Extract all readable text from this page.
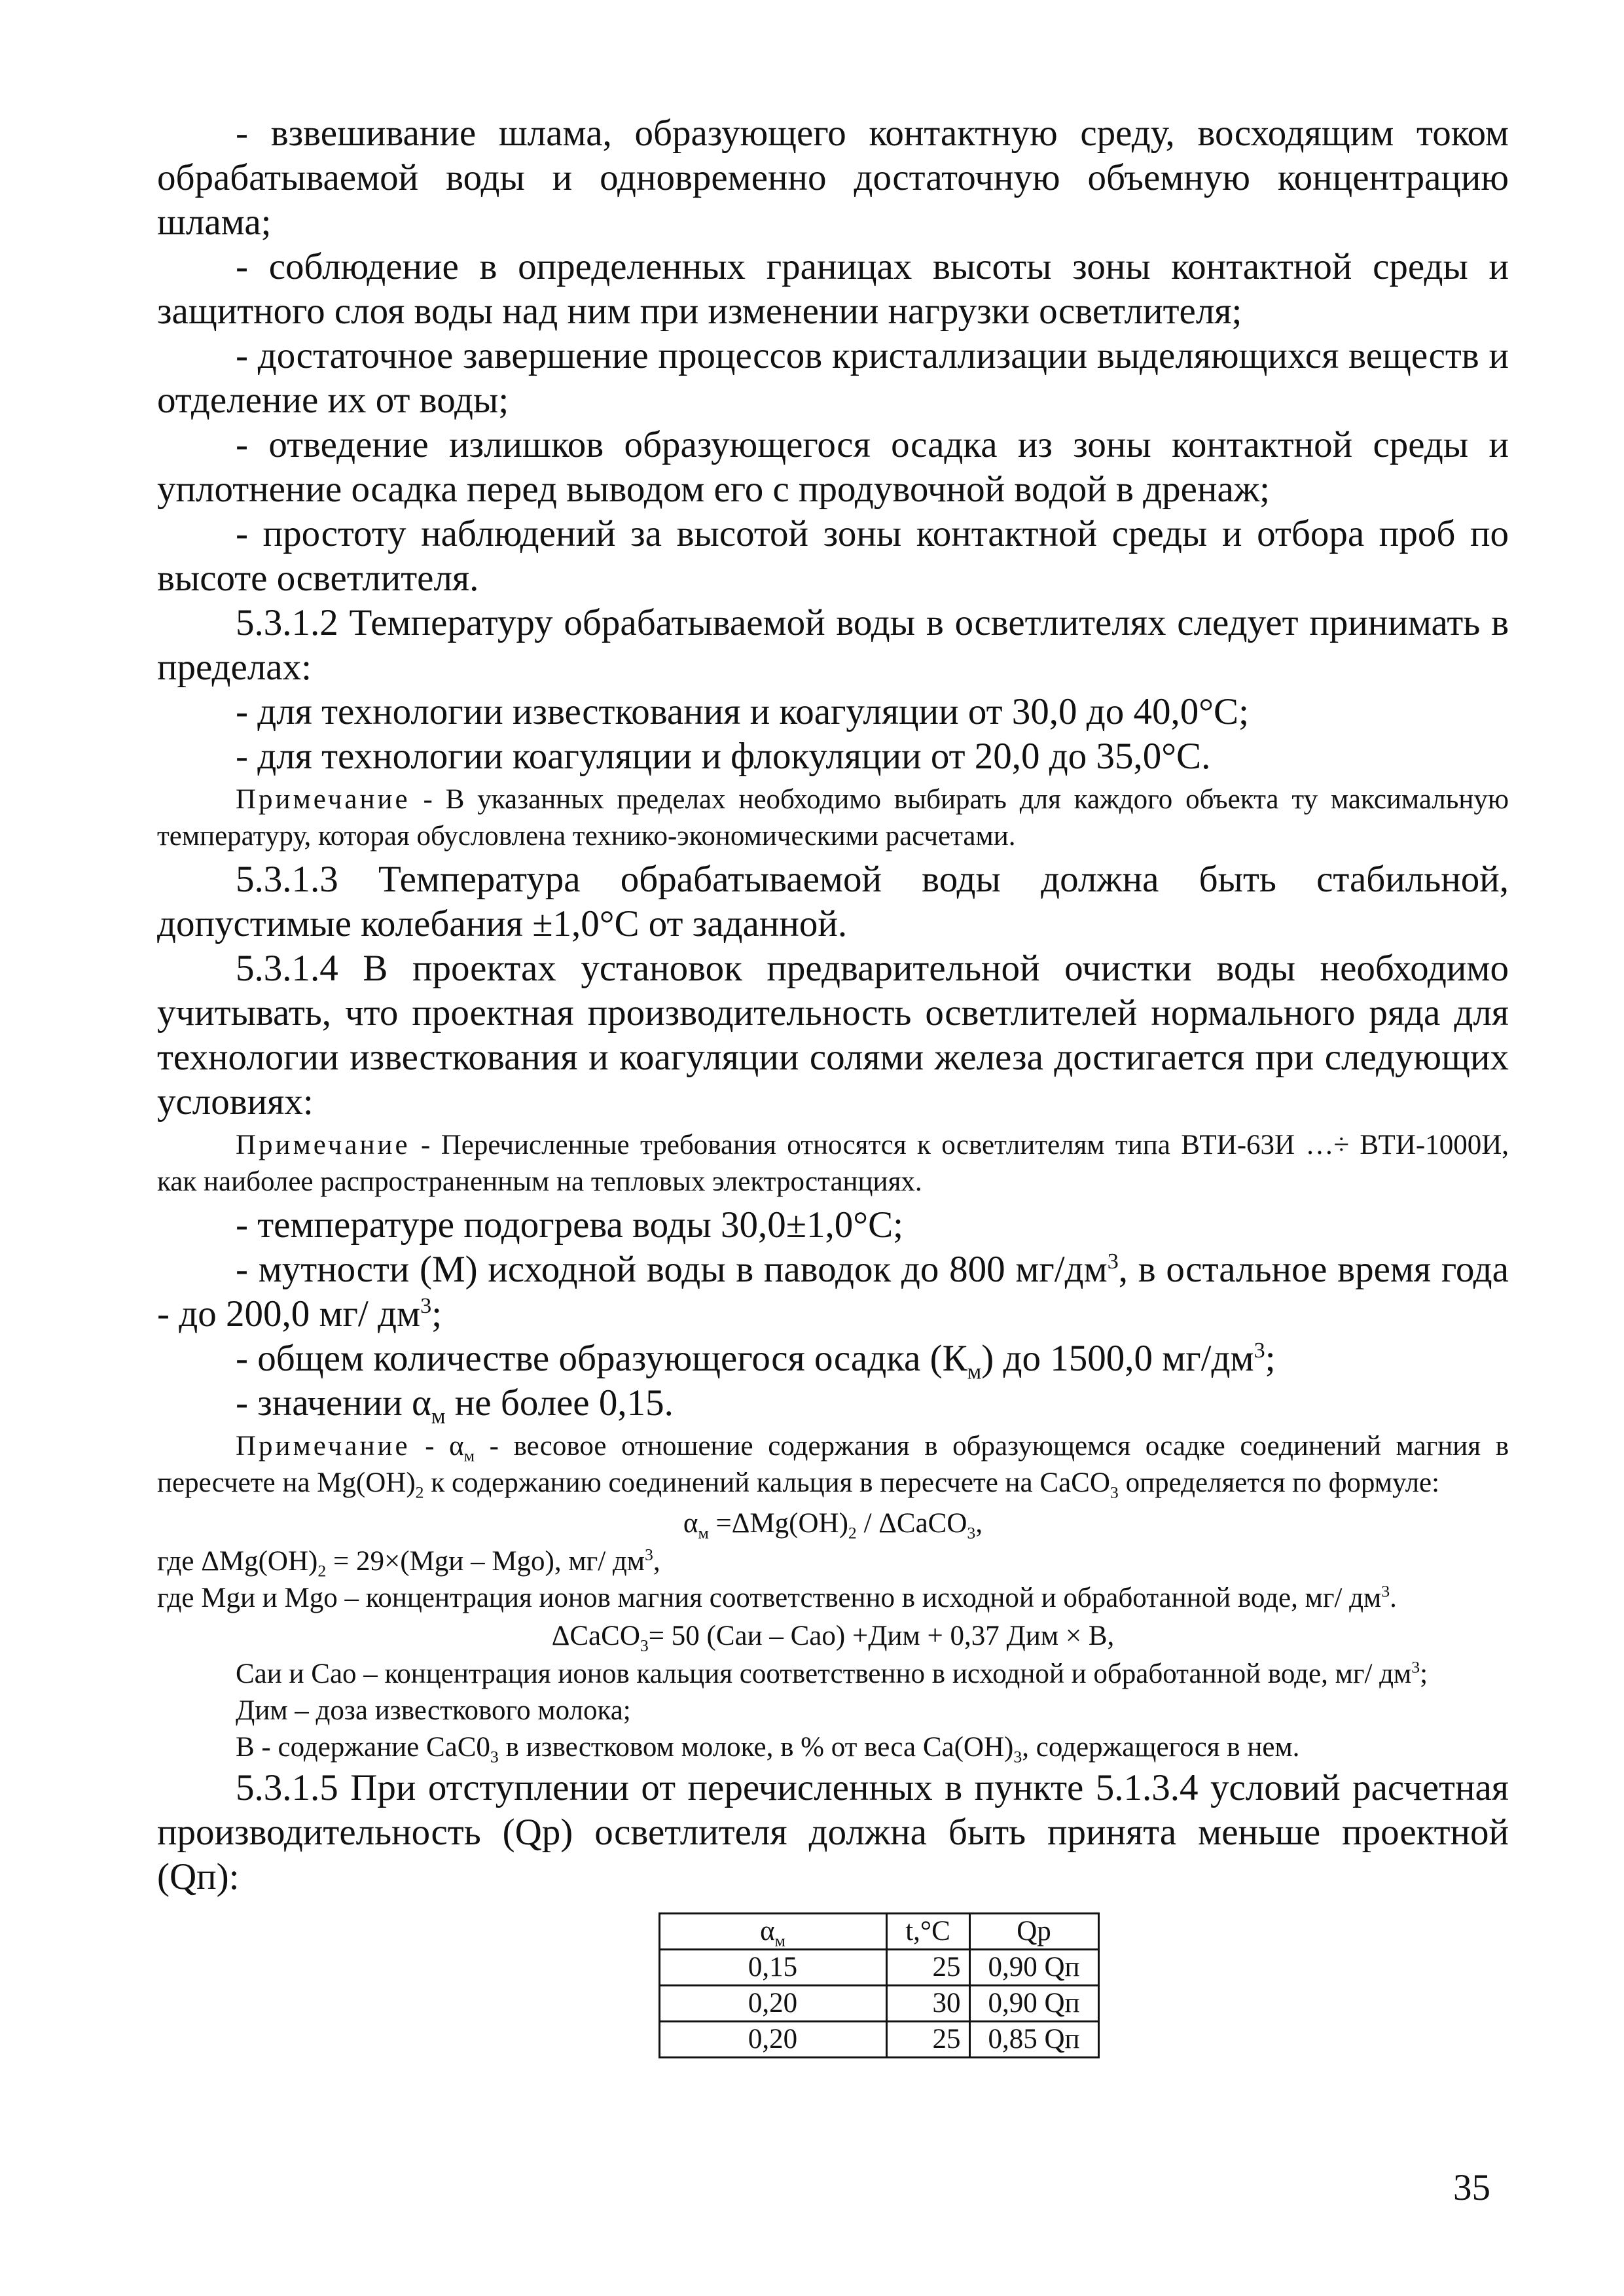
- взвешивание шлама, образующего контактную среду, восходящим током обрабатываемой воды и одновременно достаточную объемную концентрацию шлама;

- соблюдение в определенных границах высоты зоны контактной среды и защитного слоя воды над ним при изменении нагрузки осветлителя;

- достаточное завершение процессов кристаллизации выделяющихся веществ и отделение их от воды;

- отведение излишков образующегося осадка из зоны контактной среды и уплотнение осадка перед выводом его с продувочной водой в дренаж;

- простоту наблюдений за высотой зоны контактной среды и отбора проб по высоте осветлителя.

5.3.1.2 Температуру обрабатываемой воды в осветлителях следует принимать в пределах:

- для технологии известкования и коагуляции от 30,0 до 40,0°С;

- для технологии коагуляции и флокуляции от 20,0 до 35,0°С.

Примечание - В указанных пределах необходимо выбирать для каждого объекта ту максимальную температуру, которая обусловлена технико-экономическими расчетами.

5.3.1.3 Температура обрабатываемой воды должна быть стабильной, допустимые колебания ±1,0°С от заданной.

5.3.1.4 В проектах установок предварительной очистки воды необходимо учитывать, что проектная производительность осветлителей нормального ряда для технологии известкования и коагуляции солями железа достигается при следующих условиях:

Примечание - Перечисленные требования относятся к осветлителям типа ВТИ-63И …÷ ВТИ-1000И, как наиболее распространенным на тепловых электростанциях.

- температуре подогрева воды 30,0±1,0°С;

- мутности (М) исходной воды в паводок до 800 $мг/дм^3$, в остальное время года - до 200,0 мг/ $дм^3$;

- общем количестве образующегося осадка $(К_м)$ до 1500,0 $мг/дм^3$;

- значении $\alpha_м$ не более 0,15.

Примечание - $\alpha_м$ - весовое отношение содержания в образующемся осадке соединений магния в пересчете на $Mg(OH)_2$ к содержанию соединений кальция в пересчете на CaCO$_3$ определяется по формуле:

$\alpha_м =\Delta Mg(OH)_2$ / ΔCaCO$_3$,

где $\Delta Mg(OH)_2 = 29\times(Mgи - Mgо)$, мг/ $дм^3$,

где Mgи и Mgо – концентрация ионов магния соответственно в исходной и обработанной воде, мг/ $дм^3$.

ΔCaCO$_3$= 50 (Сaи – Сaо) +Дим + 0,37 Дим × В,

Сaи и Сaо – концентрация ионов кальция соответственно в исходной и обработанной воде, мг/ $дм^3$;

Дим – доза известкового молока;

В - содержание $CaC0_3$ в известковом молоке, в % от веса $Са(ОН)_3$, содержащегося в нем.

5.3.1.5 При отступлении от перечисленных в пункте 5.1.3.4 условий расчетная производительность (Qр) осветлителя должна быть принята меньше проектной (Qп):

$\alpha_м$	t,°C	Qр
0,15	25	0,90 Qп
0,20	30	0,90 Qп
0,20	25	0,85 Qп
35
